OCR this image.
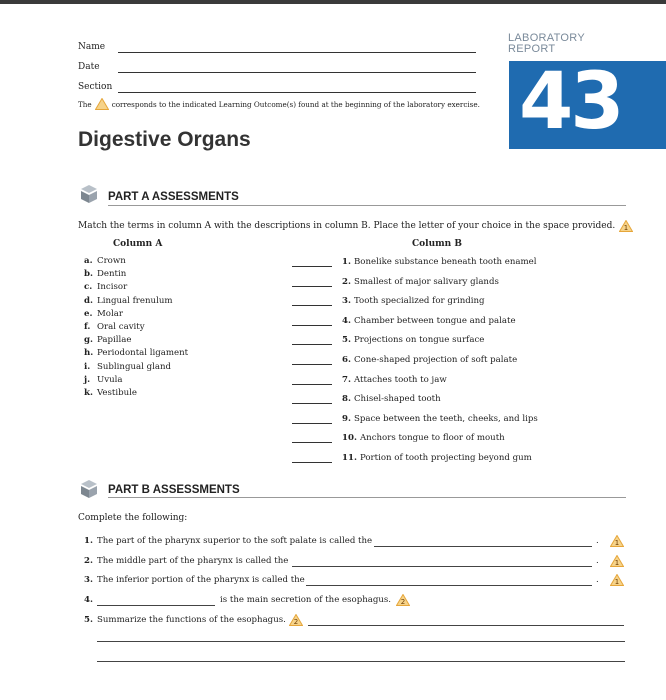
Name
Date
Section
The	corresponds to the indicated Learning Outcome(s) found at the beginning of the laboratory exercise.
LABORATORY
REPORT
43
Digestive Organs
PART A ASSESSMENTS
Match the terms in column A with the descriptions in column B. Place the letter of your choice in the space provided. 1
Column A	Column B
a. Crown
b. Dentin
c. Incisor
d. Lingual frenulum
e. Molar
f. Oral cavity
g. Papillae
h. Periodontal ligament
i. Sublingual gland
j. Uvula
k. Vestibule
1. Bonelike substance beneath tooth enamel
2. Smallest of major salivary glands
3. Tooth specialized for grinding
4. Chamber between tongue and palate
5. Projections on tongue surface
6. Cone-shaped projection of soft palate
7. Attaches tooth to jaw
8. Chisel-shaped tooth
9. Space between the teeth, cheeks, and lips
10. Anchors tongue to floor of mouth
11. Portion of tooth projecting beyond gum
PART B ASSESSMENTS
Complete the following:
1. The part of the pharynx superior to the soft palate is called the	. 1
2. The middle part of the pharynx is called the	. 1
3. The inferior portion of the pharynx is called the	. 1
4.	is the main secretion of the esophagus. 2
5. Summarize the functions of the esophagus. 2
